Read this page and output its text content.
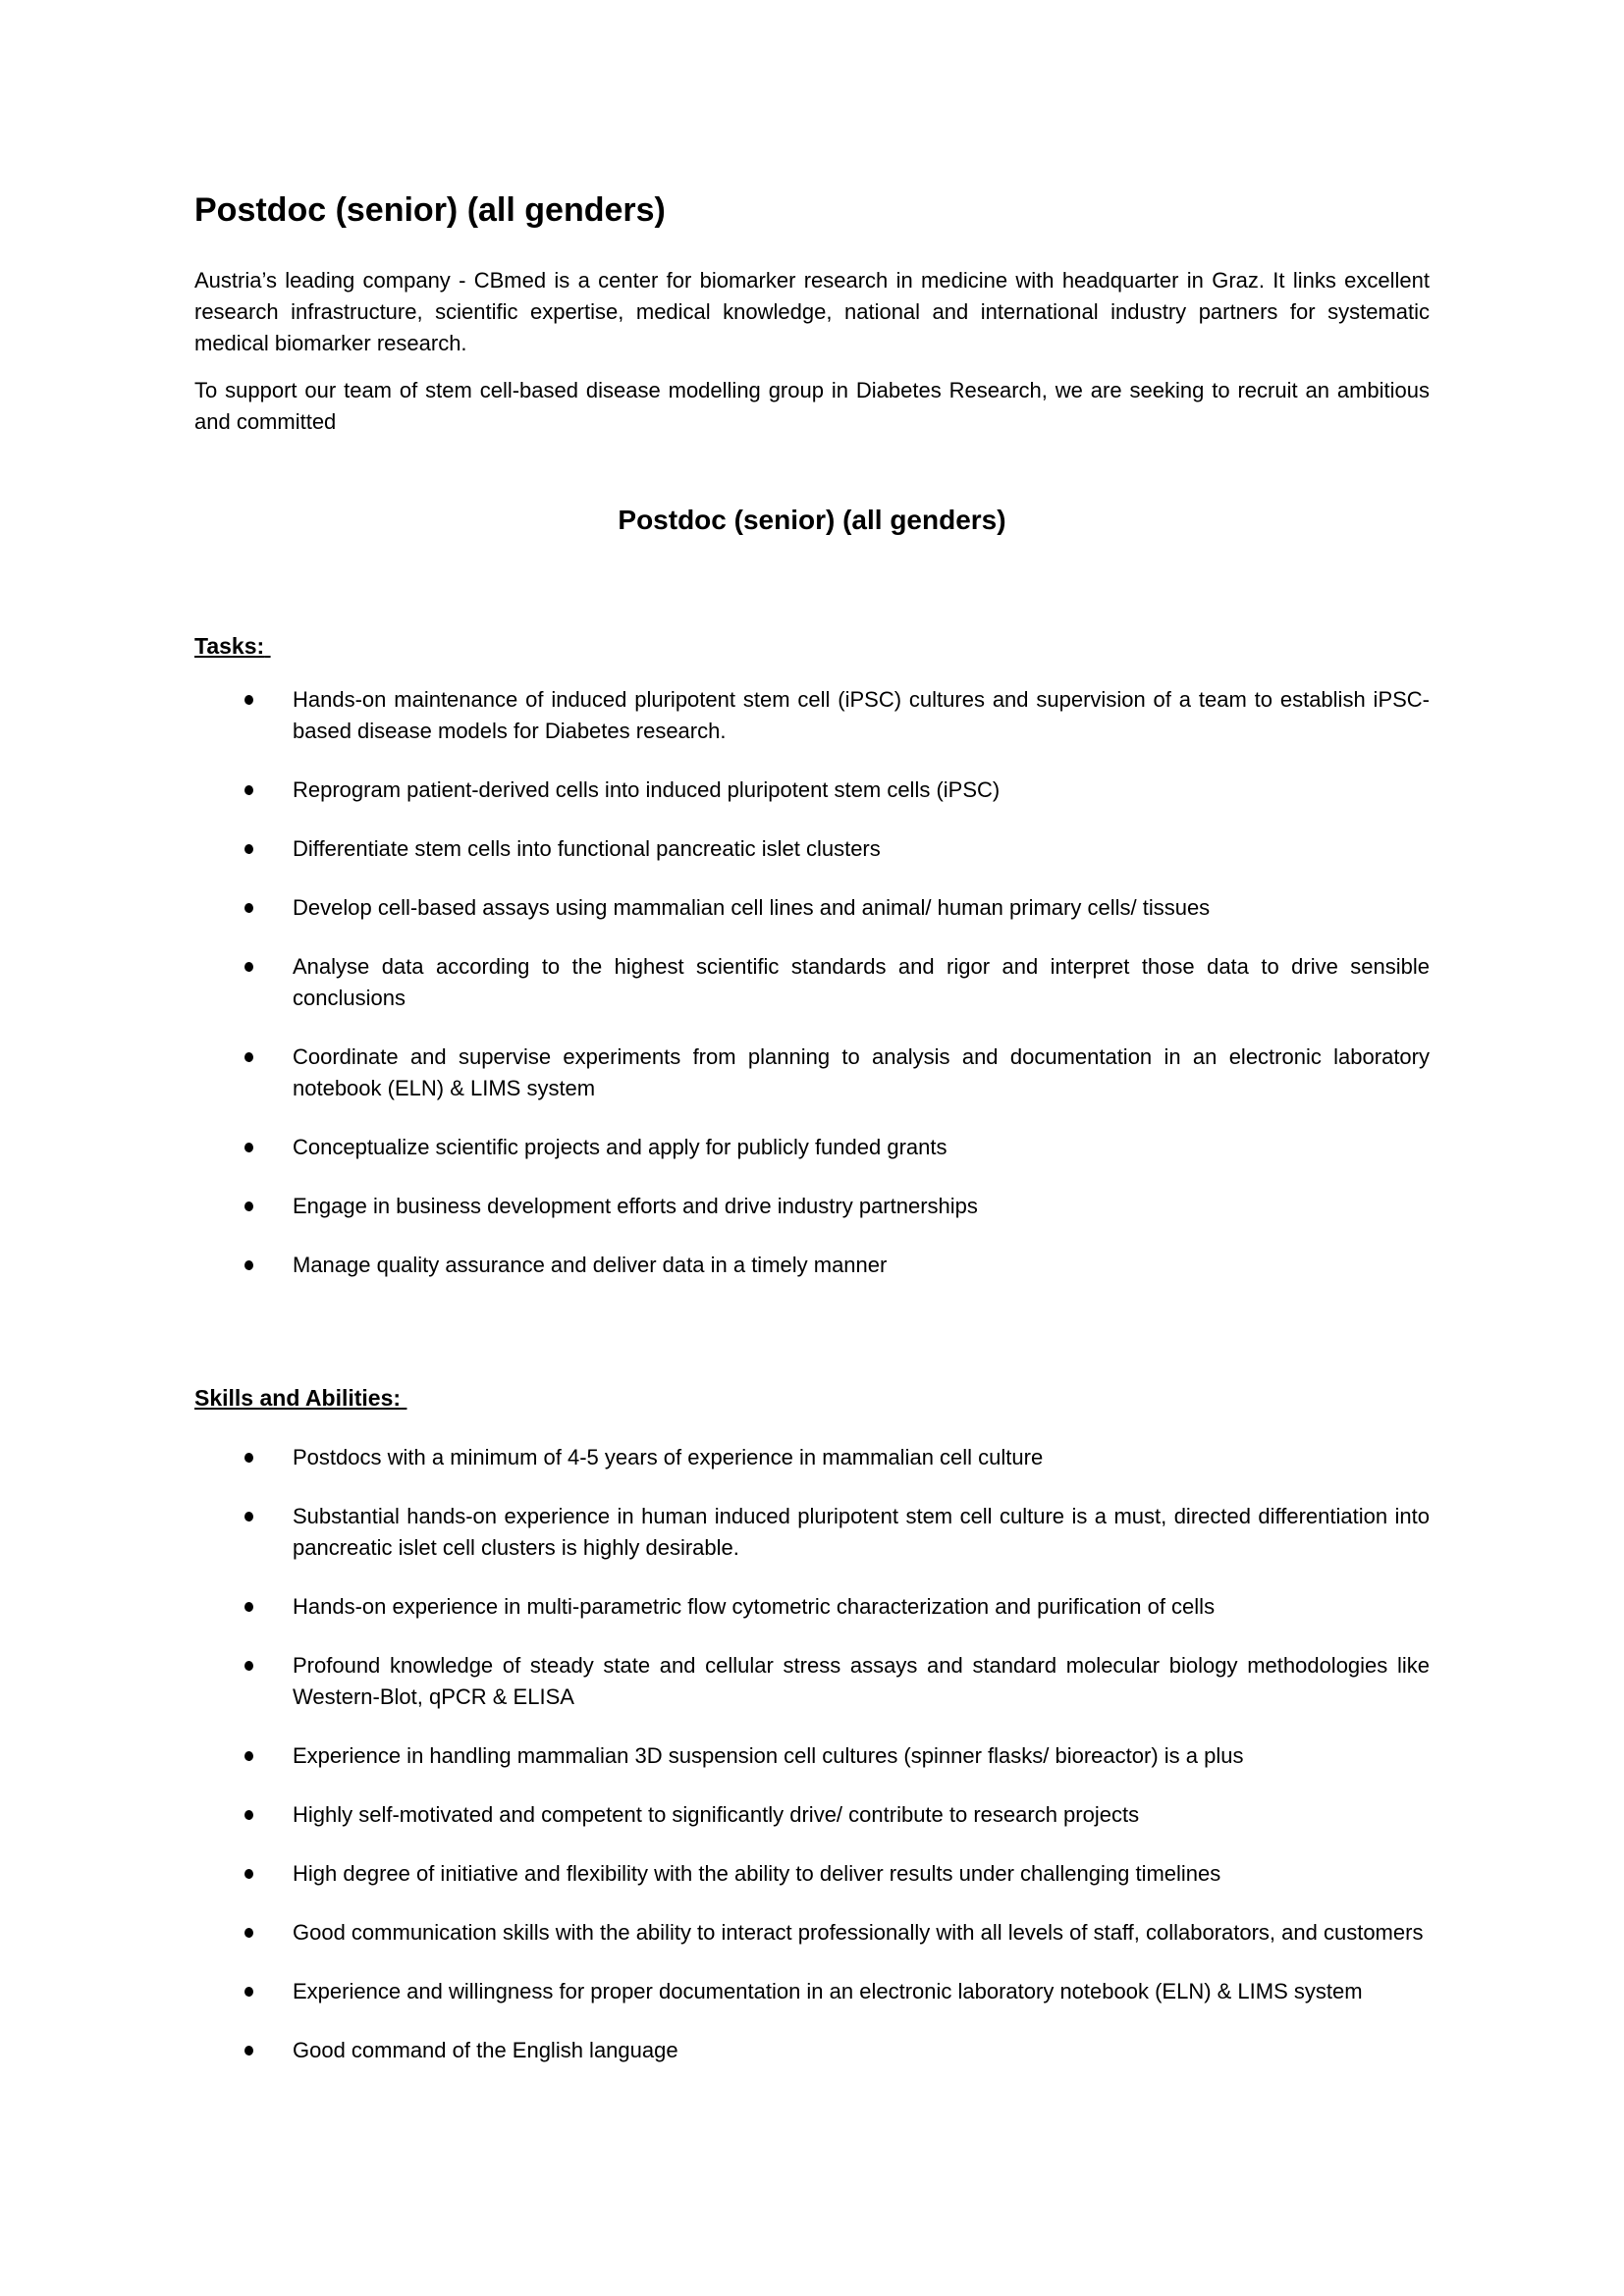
Postdoc (senior) (all genders)

Austria’s leading company - CBmed is a center for biomarker research in medicine with headquarter in Graz. It links excellent research infrastructure, scientific expertise, medical knowledge, national and international industry partners for systematic medical biomarker research.

To support our team of stem cell-based disease modelling group in Diabetes Research, we are seeking to recruit an ambitious and committed

Postdoc (senior) (all genders)
Tasks:
Hands-on maintenance of induced pluripotent stem cell (iPSC) cultures and supervision of a team to establish iPSC-based disease models for Diabetes research.
Reprogram patient-derived cells into induced pluripotent stem cells (iPSC)
Differentiate stem cells into functional pancreatic islet clusters
Develop cell-based assays using mammalian cell lines and animal/ human primary cells/ tissues
Analyse data according to the highest scientific standards and rigor and interpret those data to drive sensible conclusions
Coordinate and supervise experiments from planning to analysis and documentation in an electronic laboratory notebook (ELN) & LIMS system
Conceptualize scientific projects and apply for publicly funded grants
Engage in business development efforts and drive industry partnerships
Manage quality assurance and deliver data in a timely manner
Skills and Abilities:
Postdocs with a minimum of 4-5 years of experience in mammalian cell culture
Substantial hands-on experience in human induced pluripotent stem cell culture is a must, directed differentiation into pancreatic islet cell clusters is highly desirable.
Hands-on experience in multi-parametric flow cytometric characterization and purification of cells
Profound knowledge of steady state and cellular stress assays and standard molecular biology methodologies like Western-Blot, qPCR & ELISA
Experience in handling mammalian 3D suspension cell cultures (spinner flasks/ bioreactor) is a plus
Highly self-motivated and competent to significantly drive/ contribute to research projects
High degree of initiative and flexibility with the ability to deliver results under challenging timelines
Good communication skills with the ability to interact professionally with all levels of staff, collaborators, and customers
Experience and willingness for proper documentation in an electronic laboratory notebook (ELN) & LIMS system
Good command of the English language
